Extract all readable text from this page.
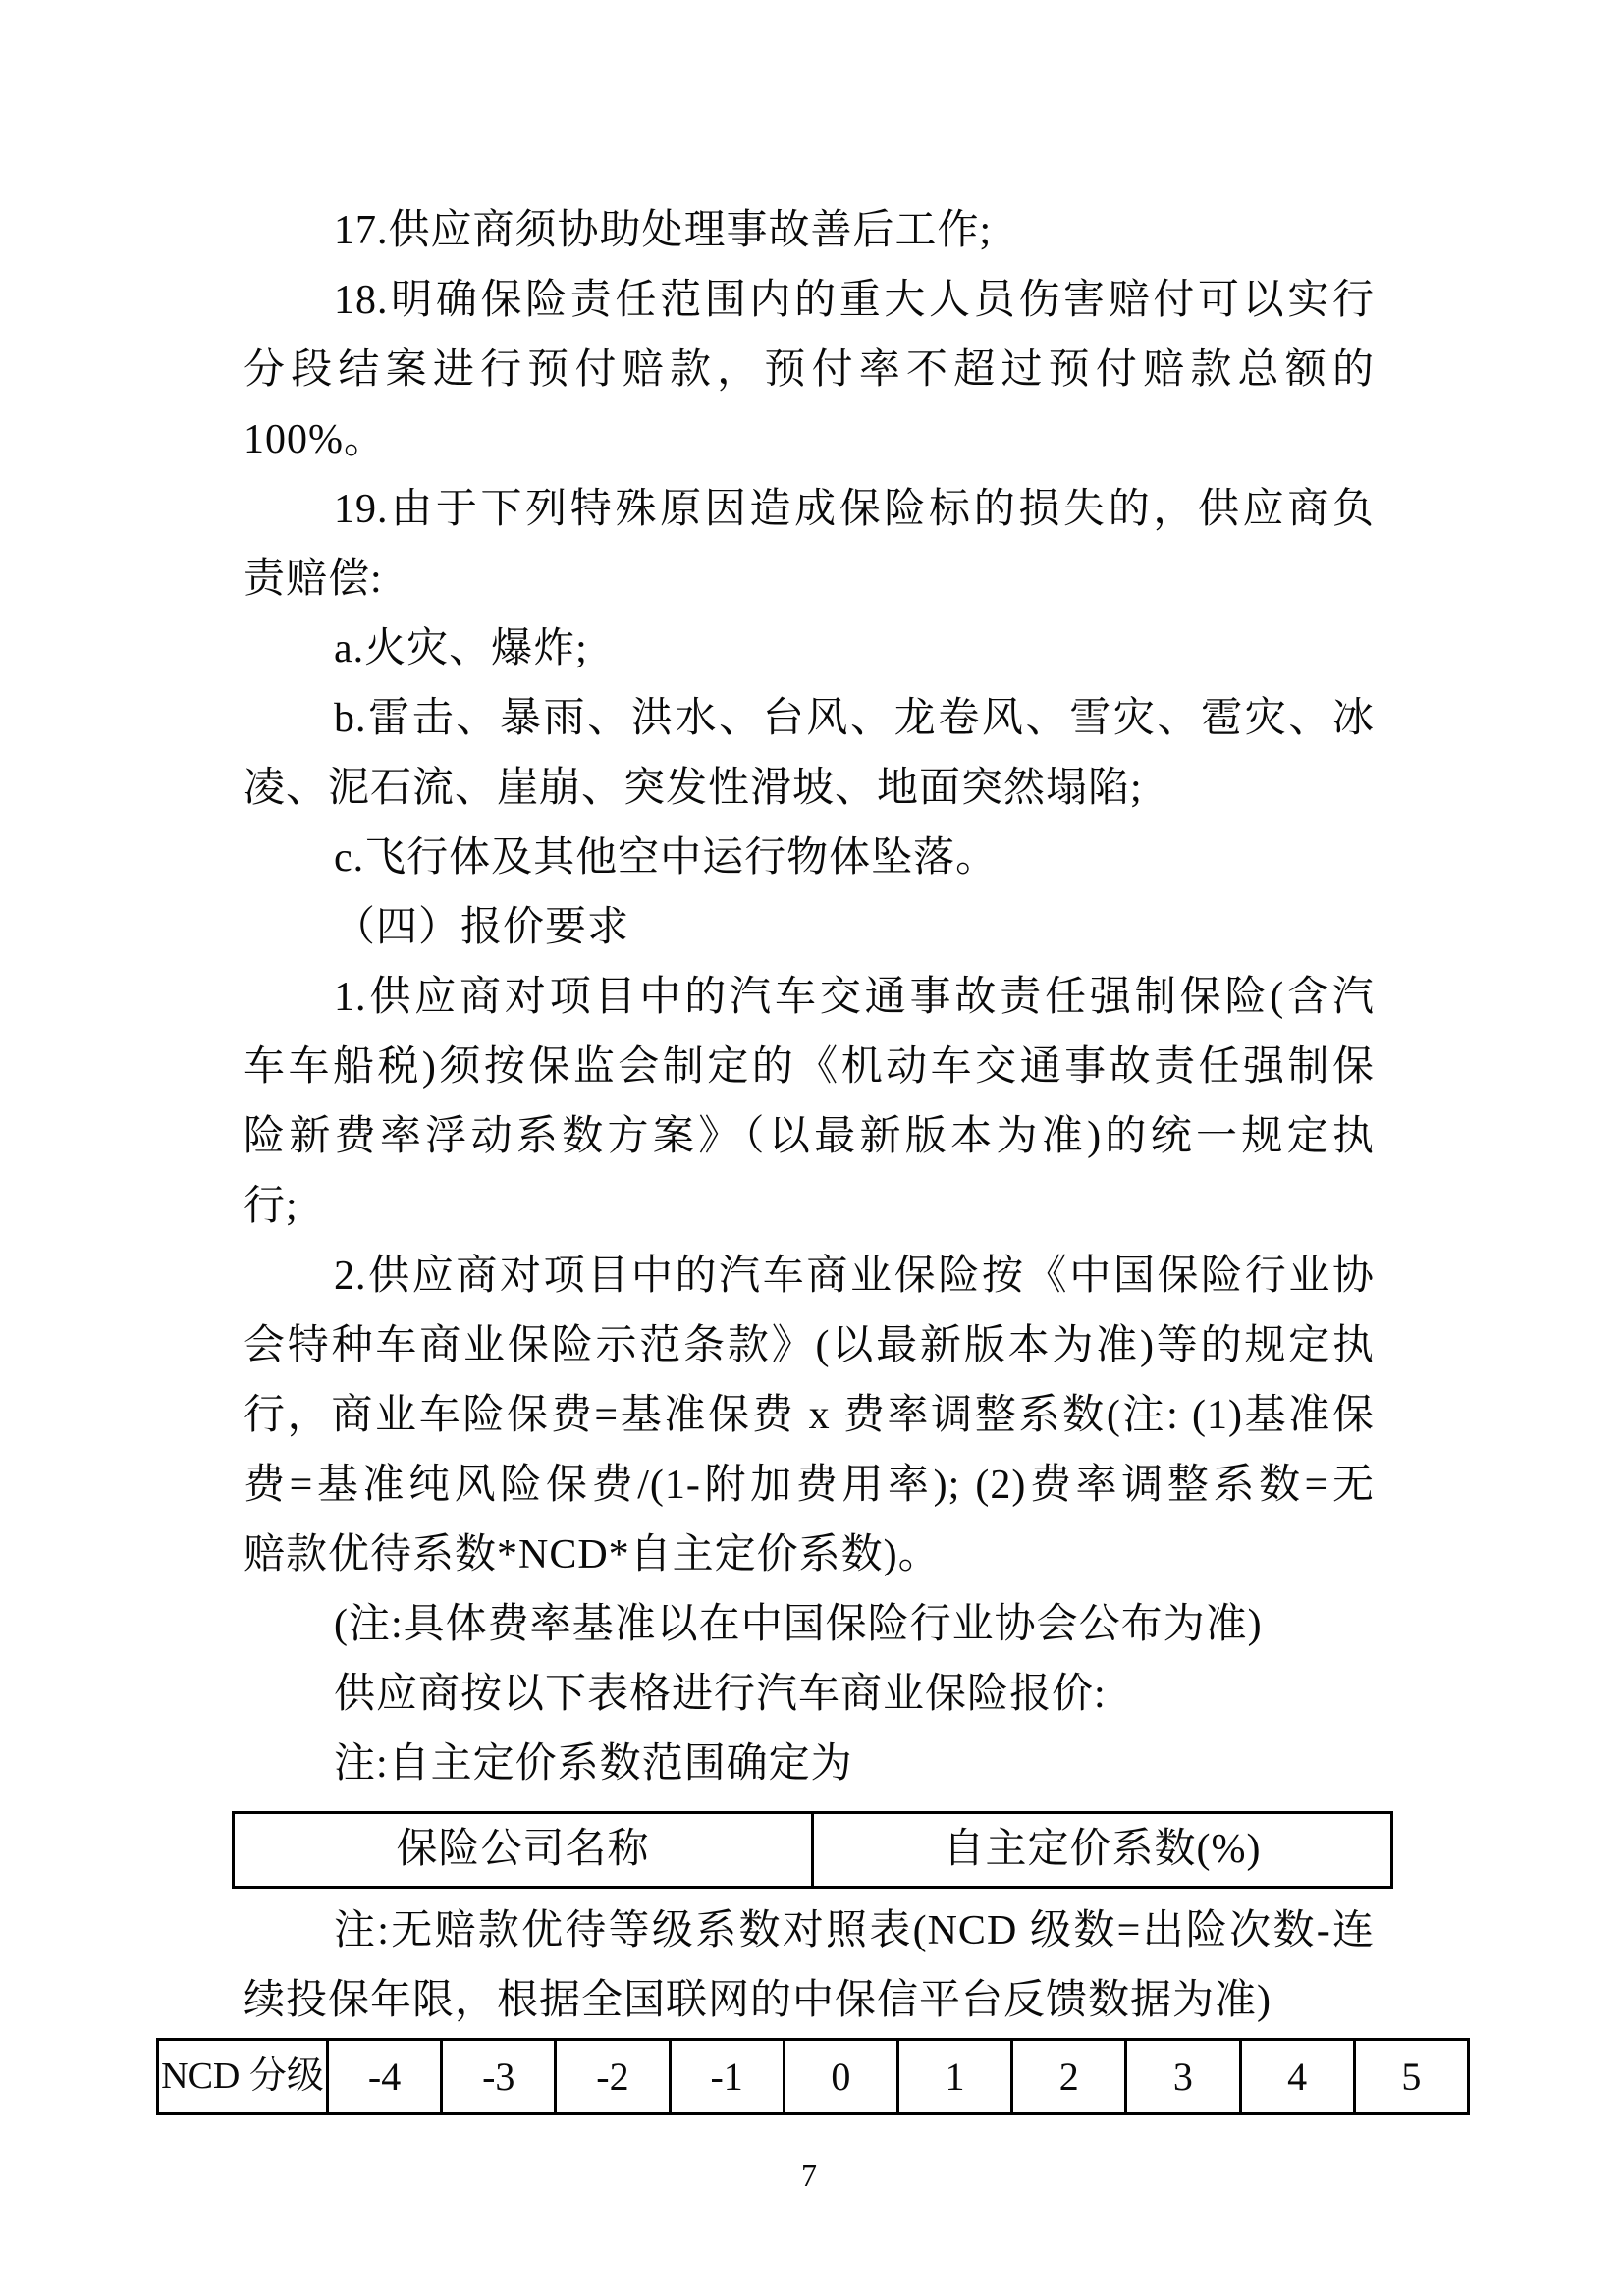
17.供应商须协助处理事故善后工作;
18.明确保险责任范围内的重大人员伤害赔付可以实行
分段结案进行预付赔款，预付率不超过预付赔款总额的
100%。
19.由于下列特殊原因造成保险标的损失的，供应商负
责赔偿:
a.火灾、爆炸;
b.雷击、暴雨、洪水、台风、龙卷风、雪灾、雹灾、冰
凌、泥石流、崖崩、突发性滑坡、地面突然塌陷;
c.飞行体及其他空中运行物体坠落。
（四）报价要求
1.供应商对项目中的汽车交通事故责任强制保险(含汽
车车船税)须按保监会制定的《机动车交通事故责任强制保
险新费率浮动系数方案》（以最新版本为准)的统一规定执
行;
2.供应商对项目中的汽车商业保险按《中国保险行业协
会特种车商业保险示范条款》(以最新版本为准)等的规定执
行，商业车险保费=基准保费 x 费率调整系数(注: (1)基准保
费=基准纯风险保费/(1-附加费用率); (2)费率调整系数=无
赔款优待系数*NCD*自主定价系数)。
(注:具体费率基准以在中国保险行业协会公布为准)
供应商按以下表格进行汽车商业保险报价:
注:自主定价系数范围确定为
保险公司名称	自主定价系数(%)
注:无赔款优待等级系数对照表(NCD 级数=出险次数-连
续投保年限，根据全国联网的中保信平台反馈数据为准)
NCD 分级	-4	-3	-2	-1	0	1	2	3	4	5
7
